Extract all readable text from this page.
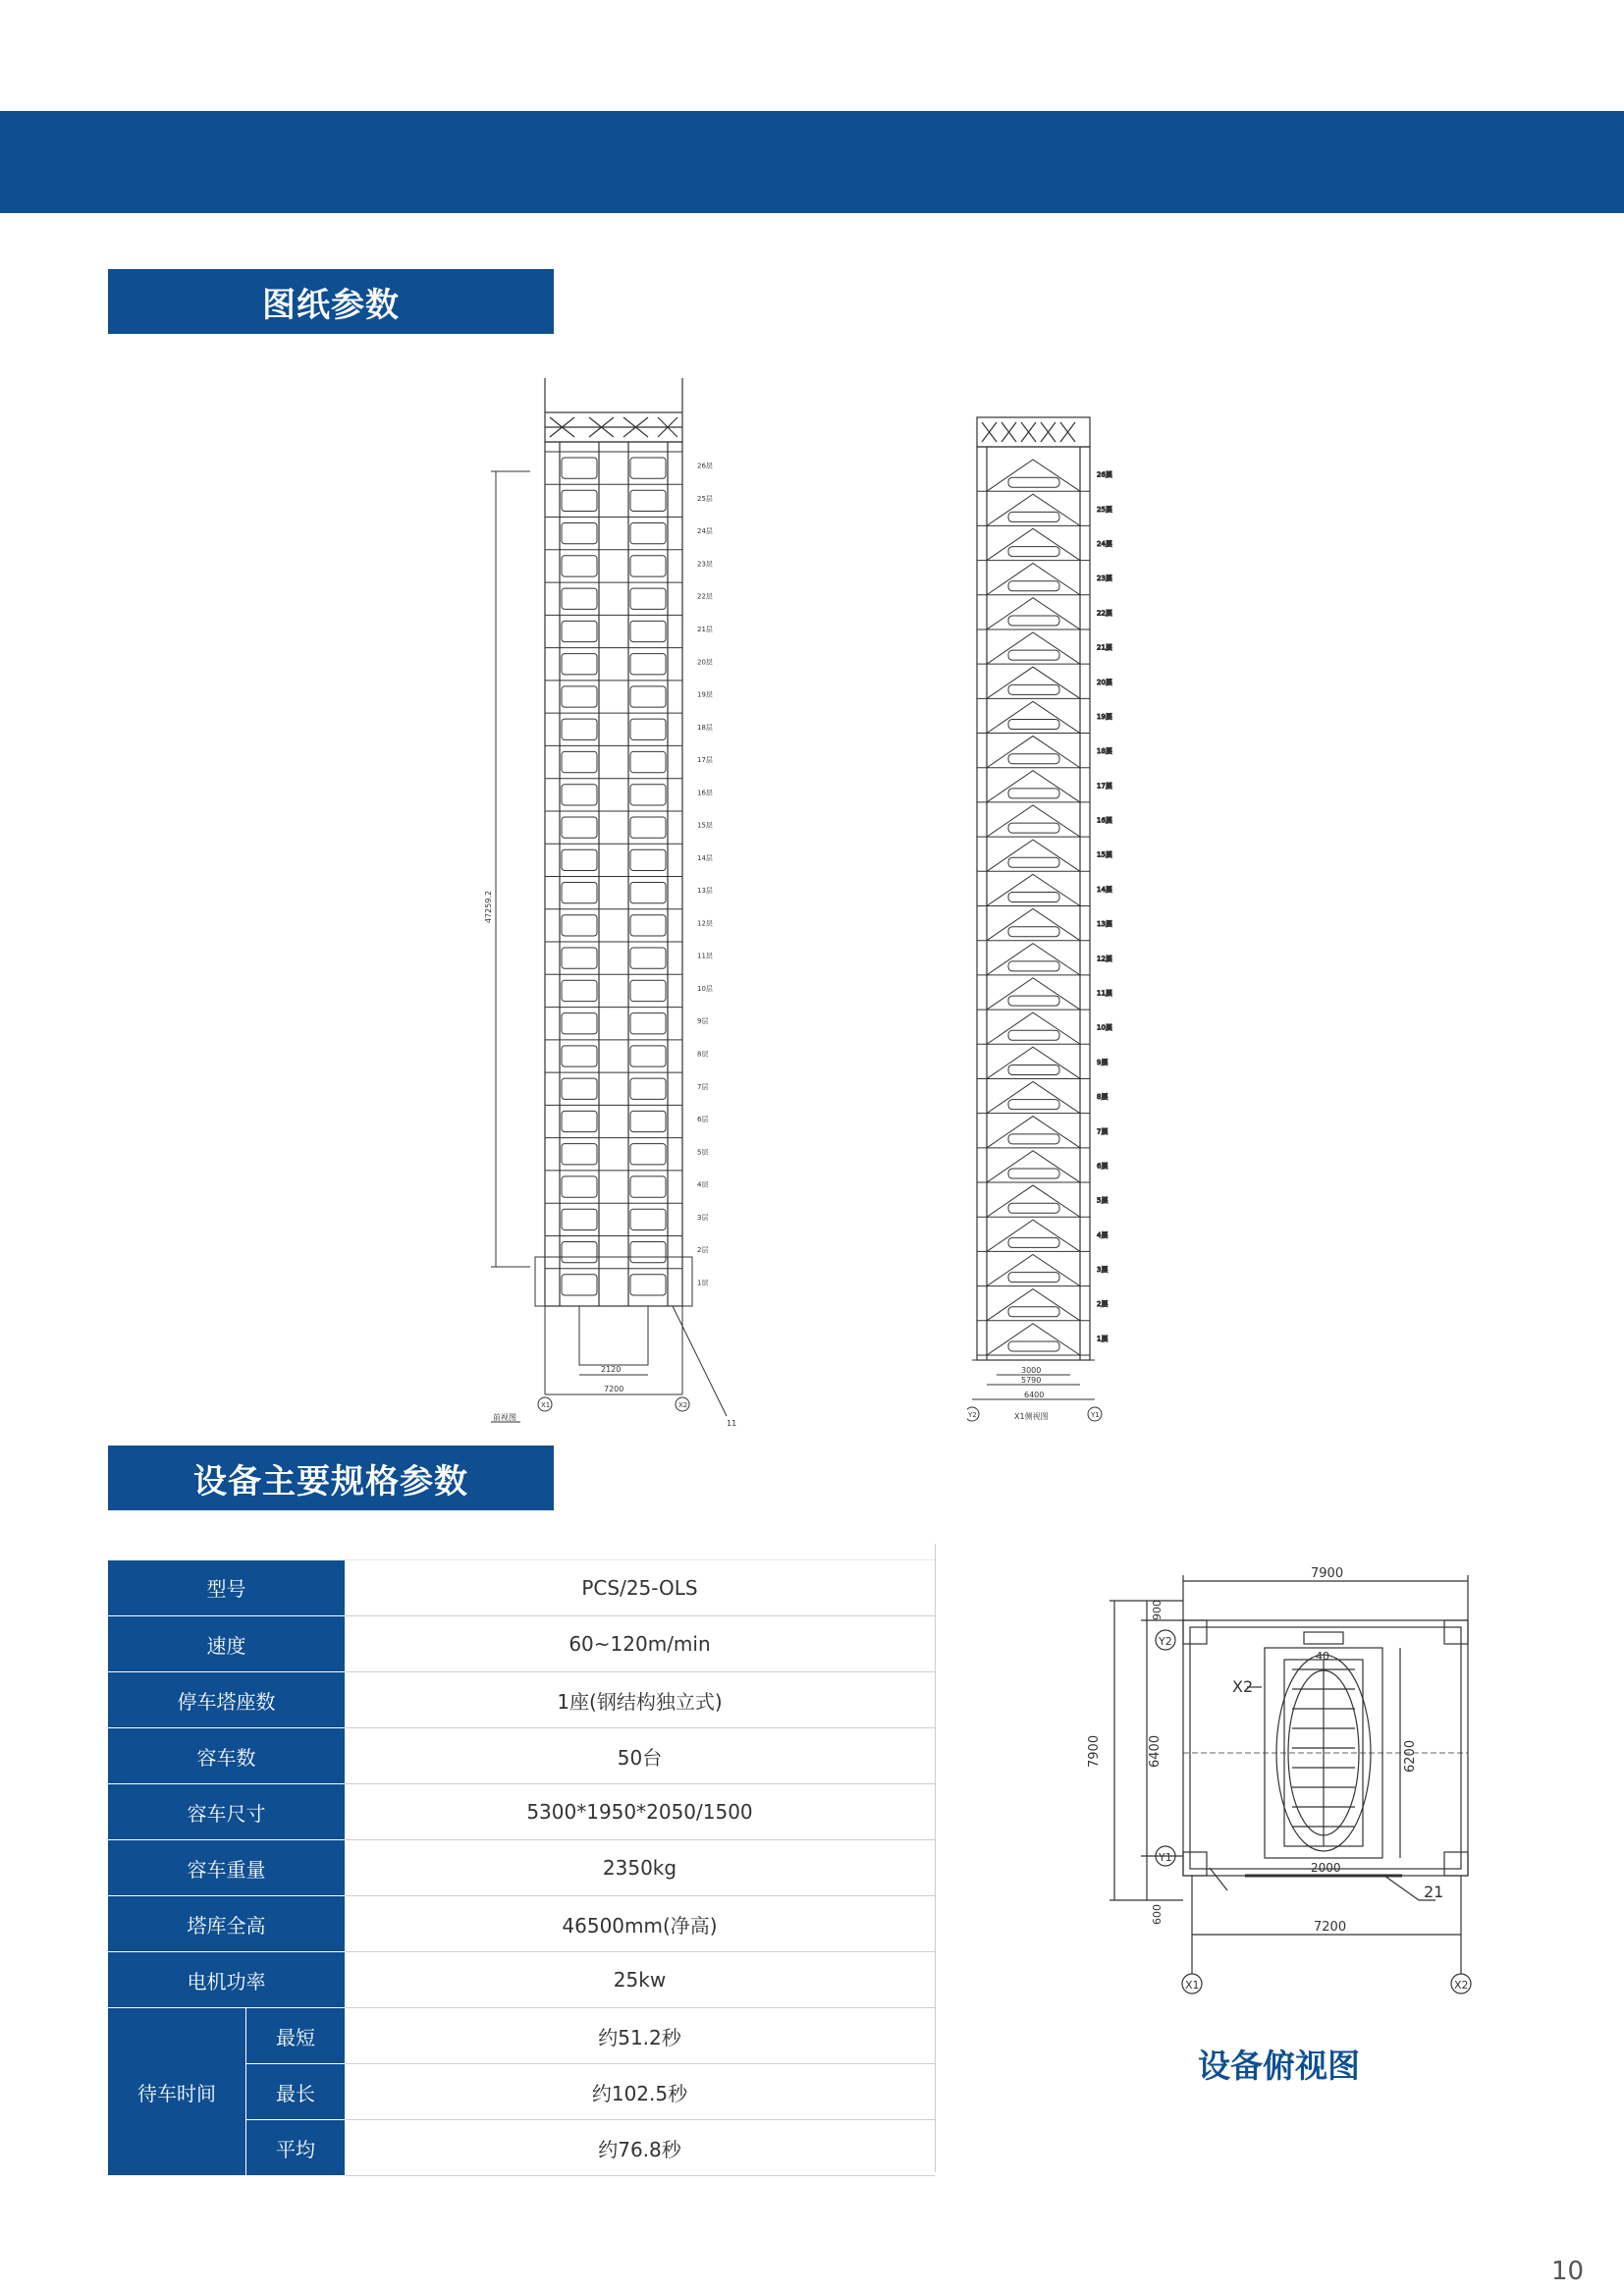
图纸参数
47259.2
2120
7200
X1	X2
11
前视图
26层
25层
24层
23层
22层
21层
20层
19层
18层
17层
16层
15层
14层
13层
12层
11层
10层
9层
8层
7层
6层
5层
4层
3层
2层
1层
26层
25层
24层
23层
22层
21层
20层
19层
18层
17层
16层
15层
14层
13层
12层
11层
10层
9层
8层
7层
6层
5层
4层
3层
2层
1层
3000
5790
6400
X1侧视图
Y2	Y1
设备主要规格参数
型号		PCS/25-OLS
速度		60~120m/min
停车塔座数		1座(钢结构独立式)
容车数		50台
容车尺寸		5300*1950*2050/1500
容车重量		2350kg
塔库全高		46500mm(净高)
电机功率		25kw
待车时间	最短	约51.2秒
	最长	约102.5秒
	平均	约76.8秒
7900
7900
900
6400
600
6200
40
2000
7200
X2
21
Y2
Y1
X1	X2
设备俯视图
10
